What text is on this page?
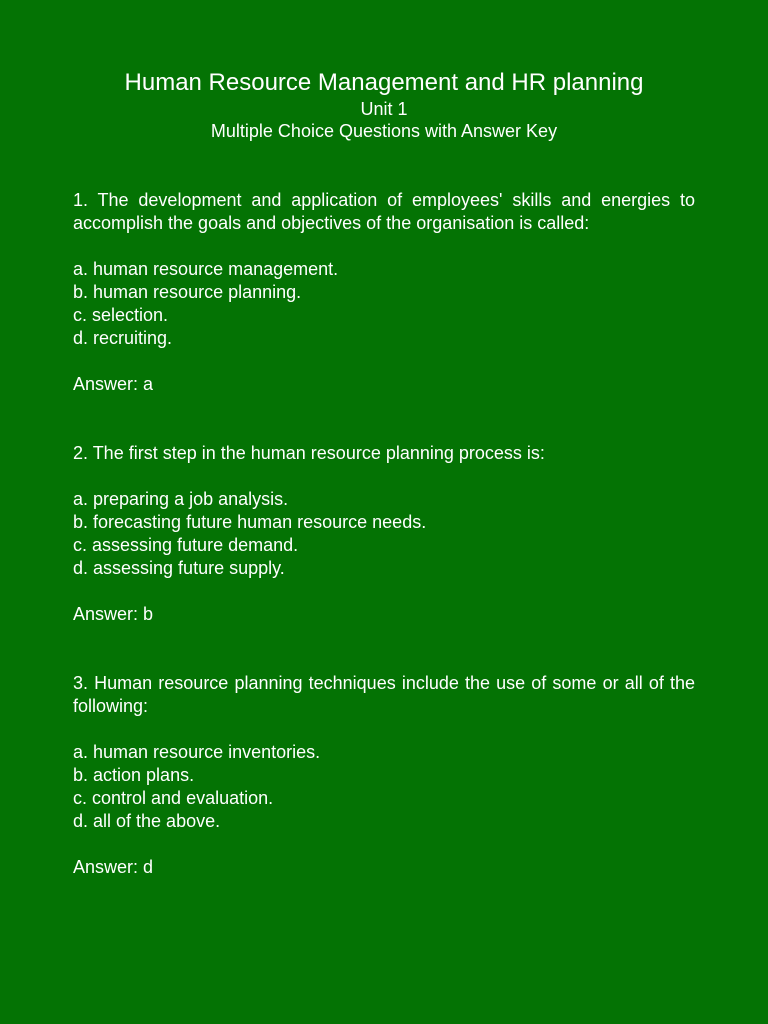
Human Resource Management and HR planning
Unit 1
Multiple Choice Questions with Answer Key

1. The development and application of employees' skills and energies to accomplish the goals and objectives of the organisation is called:

a. human resource management.
b. human resource planning.
c. selection.
d. recruiting.

Answer: a

2. The first step in the human resource planning process is:

a. preparing a job analysis.
b. forecasting future human resource needs.
c. assessing future demand.
d. assessing future supply.

Answer: b

3. Human resource planning techniques include the use of some or all of the following:

a. human resource inventories.
b. action plans.
c. control and evaluation.
d. all of the above.

Answer: d
